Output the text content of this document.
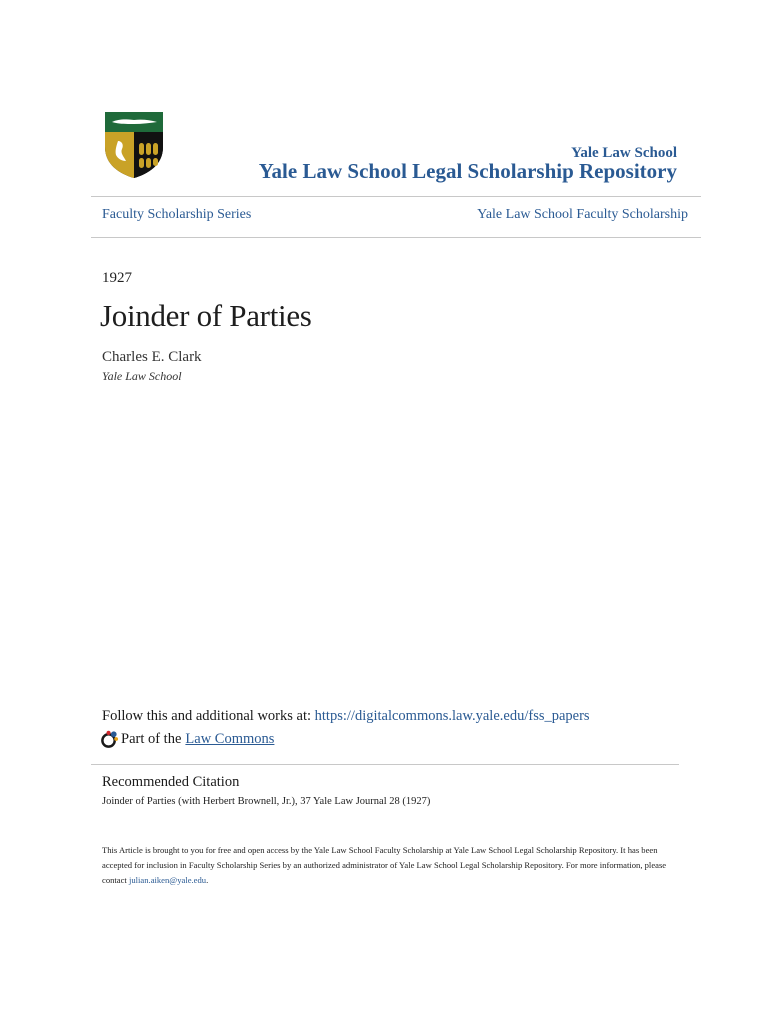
Yale Law School
Yale Law School Legal Scholarship Repository
Faculty Scholarship Series	Yale Law School Faculty Scholarship
1927
Joinder of Parties
Charles E. Clark
Yale Law School
Follow this and additional works at: https://digitalcommons.law.yale.edu/fss_papers
Part of the Law Commons
Recommended Citation
Joinder of Parties (with Herbert Brownell, Jr.), 37 Yale Law Journal 28 (1927)
This Article is brought to you for free and open access by the Yale Law School Faculty Scholarship at Yale Law School Legal Scholarship Repository. It has been accepted for inclusion in Faculty Scholarship Series by an authorized administrator of Yale Law School Legal Scholarship Repository. For more information, please contact julian.aiken@yale.edu.
